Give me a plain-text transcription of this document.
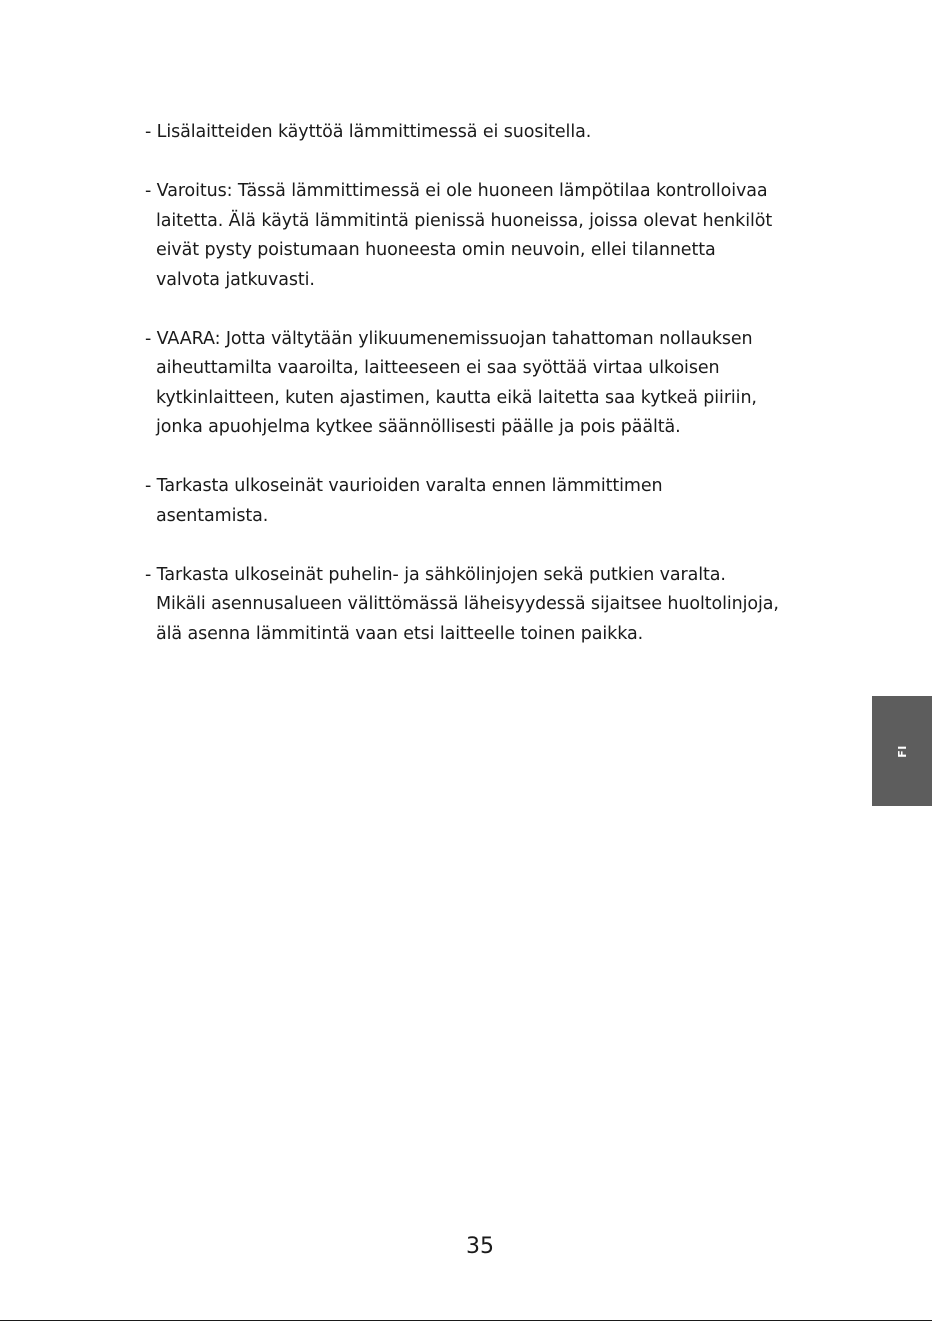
- Lisälaitteiden käyttöä lämmittimessä ei suositella.
- Varoitus: Tässä lämmittimessä ei ole huoneen lämpötilaa kontrolloivaa
laitetta. Älä käytä lämmitintä pienissä huoneissa, joissa olevat henkilöt
eivät pysty poistumaan huoneesta omin neuvoin, ellei tilannetta
valvota jatkuvasti.
- VAARA: Jotta vältytään ylikuumenemissuojan tahattoman nollauksen
aiheuttamilta vaaroilta, laitteeseen ei saa syöttää virtaa ulkoisen
kytkinlaitteen, kuten ajastimen, kautta eikä laitetta saa kytkeä piiriin,
jonka apuohjelma kytkee säännöllisesti päälle ja pois päältä.
- Tarkasta ulkoseinät vaurioiden varalta ennen lämmittimen
asentamista.
- Tarkasta ulkoseinät puhelin- ja sähkölinjojen sekä putkien varalta.
Mikäli asennusalueen välittömässä läheisyydessä sijaitsee huoltolinjoja,
älä asenna lämmitintä vaan etsi laitteelle toinen paikka.
FI
35
